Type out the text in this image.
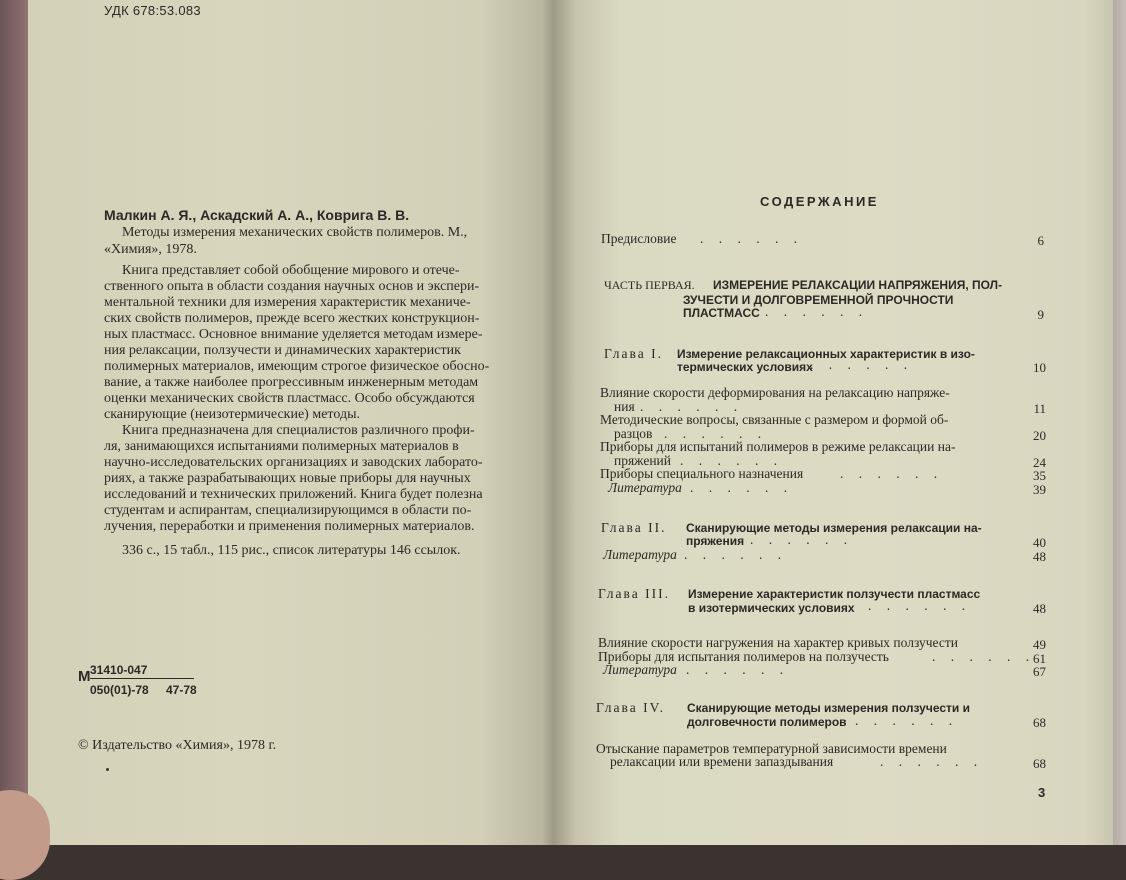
УДК 678:53.083
Малкин А. Я., Аскадский А. А., Коврига В. В.
Методы измерения механических свойств полимеров. М.,
«Химия», 1978.
Книга представляет собой обобщение мирового и отече-
ственного опыта в области создания научных основ и экспери-
ментальной техники для измерения характеристик механиче-
ских свойств полимеров, прежде всего жестких конструкцион-
ных пластмасс. Основное внимание уделяется методам измере-
ния релаксации, ползучести и динамических характеристик
полимерных материалов, имеющим строгое физическое обосно-
вание, а также наиболее прогрессивным инженерным методам
оценки механических свойств пластмасс. Особо обсуждаются
сканирующие (неизотермические) методы.
Книга предназначена для специалистов различного профи-
ля, занимающихся испытаниями полимерных материалов в
научно-исследовательских организациях и заводских лаборато-
риях, а также разрабатывающих новые приборы для научных
исследований и технических приложений. Книга будет полезна
студентам и аспирантам, специализирующимся в области по-
лучения, переработки и применения полимерных материалов.
336 с., 15 табл., 115 рис., список литературы 146 ссылок.
М 31410-047
050(01)-78 47-78
© Издательство «Химия», 1978 г.
СОДЕРЖАНИЕ
Предисловие . . . . . .	6
ЧАСТЬ ПЕРВАЯ. ИЗМЕРЕНИЕ РЕЛАКСАЦИИ НАПРЯЖЕНИЯ, ПОЛ-
ЗУЧЕСТИ И ДОЛГОВРЕМЕННОЙ ПРОЧНОСТИ
ПЛАСТМАСС . . . . . .	9
Глава I. Измерение релаксационных характеристик в изо-
термических условиях
. . . . . .	10
Влияние скорости деформирования на релаксацию напряже-
ния . . . . . .	11
Методические вопросы, связанные с размером и формой об-
разцов . . . . . .	20
Приборы для испытаний полимеров в режиме релаксации на-
пряжений . . . . . .	24
Приборы специального назначения	. . . . . .	35
Литература . . . . . .	39
Глава II. Сканирующие методы измерения релаксации на-
пряжения . . . . . .	40
Литература . . . . . .	48
Глава III. Измерение характеристик ползучести пластмасс
в изотермических условиях . . . . . .	48
Влияние скорости нагружения на характер кривых ползучести	49
Приборы для испытания полимеров на ползучесть	. . . . . .
61
Литература . . . . . .	67
Глава IV. Сканирующие методы измерения ползучести и
долговечности полимеров . . . . . .	68
Отыскание параметров температурной зависимости времени
релаксации или времени запаздывания	. . . . . .	68
3
